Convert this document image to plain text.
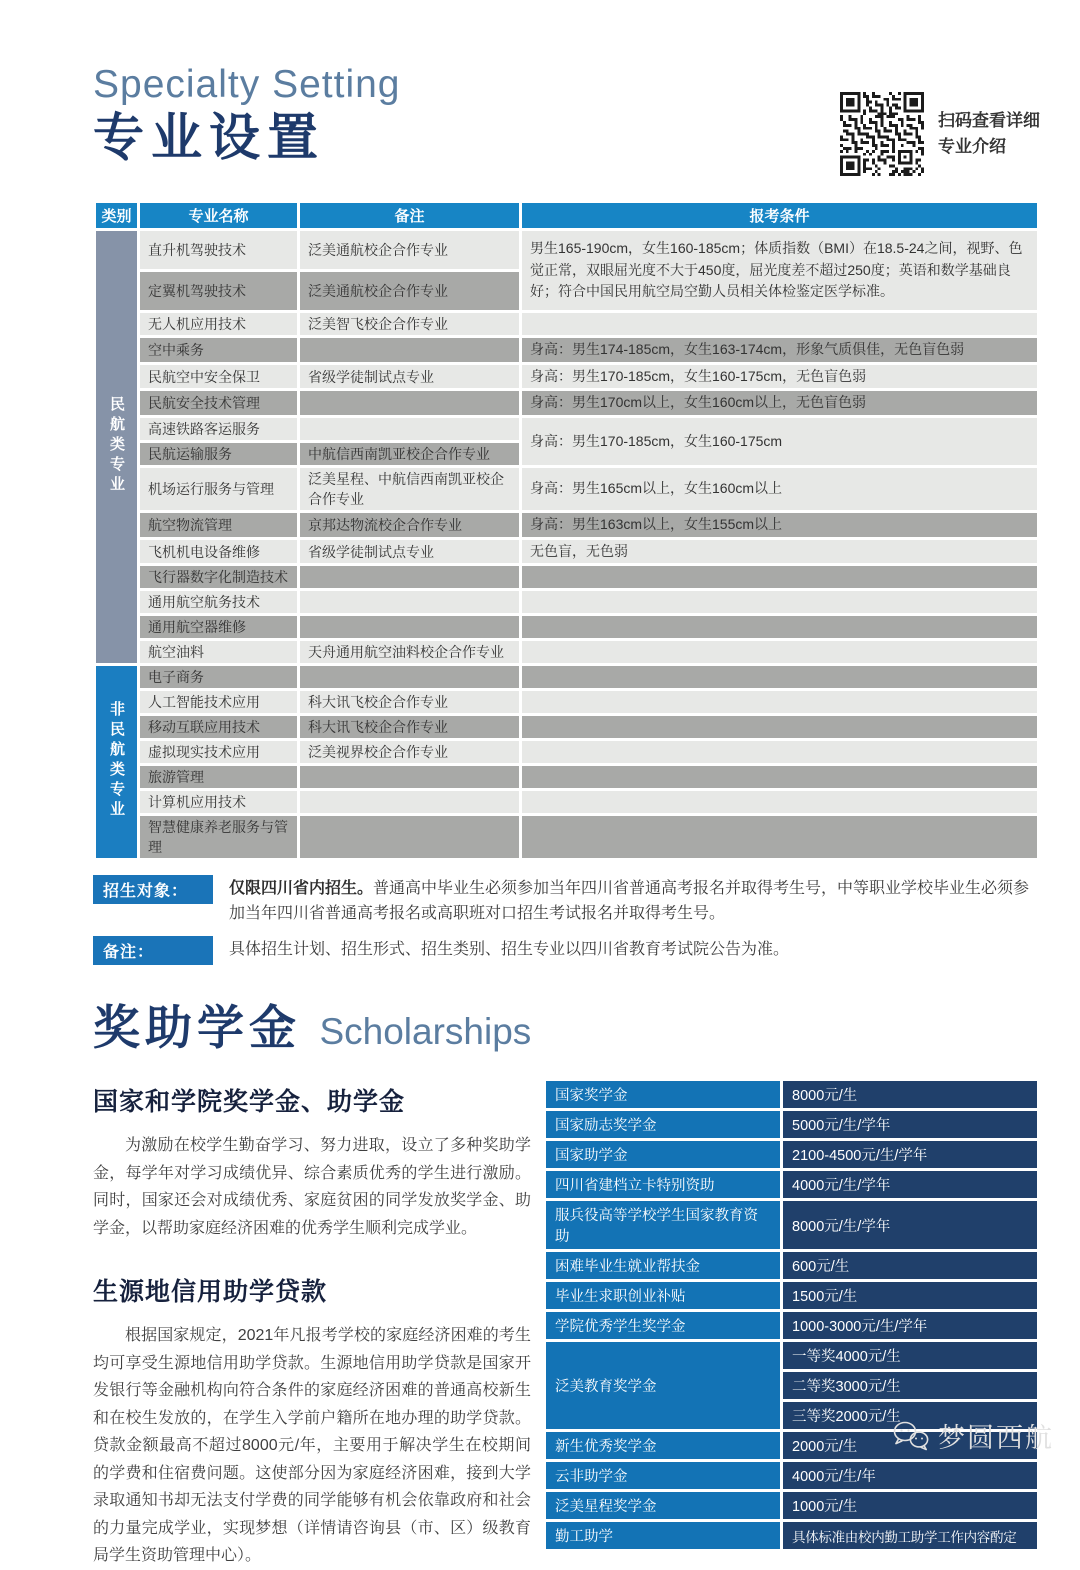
Specialty Setting
专业设置	扫码查看详细
专业介绍
类别	专业名称	备注	报考条件
民航类专业	直升机驾驶技术	泛美通航校企合作专业	男生165-190cm，女生160-185cm；体质指数（BMI）在18.5-24之间，视野、色觉正常，双眼屈光度不大于450度，屈光度差不超过250度；英语和数学基础良好；符合中国民用航空局空勤人员相关体检鉴定医学标准。
	定翼机驾驶技术	泛美通航校企合作专业	
	无人机应用技术	泛美智飞校企合作专业	
	空中乘务		身高：男生174-185cm，女生163-174cm，形象气质俱佳，无色盲色弱
	民航空中安全保卫	省级学徒制试点专业	身高：男生170-185cm，女生160-175cm，无色盲色弱
	民航安全技术管理		身高：男生170cm以上，女生160cm以上，无色盲色弱
	高速铁路客运服务		身高：男生170-185cm，女生160-175cm
	民航运输服务	中航信西南凯亚校企合作专业	
	机场运行服务与管理	泛美星程、中航信西南凯亚校企合作专业	身高：男生165cm以上，女生160cm以上
	航空物流管理	京邦达物流校企合作专业	身高：男生163cm以上，女生155cm以上
	飞机机电设备维修	省级学徒制试点专业	无色盲，无色弱
	飞行器数字化制造技术		
	通用航空航务技术		
	通用航空器维修		
	航空油料	天舟通用航空油料校企合作专业	
非民航类专业	电子商务		
	人工智能技术应用	科大讯飞校企合作专业	
	移动互联应用技术	科大讯飞校企合作专业	
	虚拟现实技术应用	泛美视界校企合作专业	
	旅游管理		
	计算机应用技术		
	智慧健康养老服务与管理		
招生对象：	仅限四川省内招生。普通高中毕业生必须参加当年四川省普通高考报名并取得考生号，中等职业学校毕业生必须参加当年四川省普通高考报名或高职班对口招生考试报名并取得考生号。
备注：	具体招生计划、招生形式、招生类别、招生专业以四川省教育考试院公告为准。
奖助学金 Scholarships
国家和学院奖学金、助学金

为激励在校学生勤奋学习、努力进取，设立了多种奖助学金，每学年对学习成绩优异、综合素质优秀的学生进行激励。同时，国家还会对成绩优秀、家庭贫困的同学发放奖学金、助学金，以帮助家庭经济困难的优秀学生顺利完成学业。

生源地信用助学贷款

根据国家规定，2021年凡报考学校的家庭经济困难的考生均可享受生源地信用助学贷款。生源地信用助学贷款是国家开发银行等金融机构向符合条件的家庭经济困难的普通高校新生和在校生发放的，在学生入学前户籍所在地办理的助学贷款。贷款金额最高不超过8000元/年，主要用于解决学生在校期间的学费和住宿费问题。这使部分因为家庭经济困难，接到大学录取通知书却无法支付学费的同学能够有机会依靠政府和社会的力量完成学业，实现梦想（详情请咨询县（市、区）级教育局学生资助管理中心）。

国家奖学金	8000元/生
国家励志奖学金	5000元/生/学年
国家助学金	2100-4500元/生/学年
四川省建档立卡特别资助	4000元/生/学年
服兵役高等学校学生国家教育资助	8000元/生/学年
困难毕业生就业帮扶金	600元/生
毕业生求职创业补贴	1500元/生
学院优秀学生奖学金	1000-3000元/生/学年
泛美教育奖学金	一等奖4000元/生
	二等奖3000元/生
	三等奖2000元/生
新生优秀奖学金	2000元/生
云非助学金	4000元/生/年
泛美星程奖学金	1000元/生
勤工助学	具体标准由校内勤工助学工作内容酌定
梦圆西航
